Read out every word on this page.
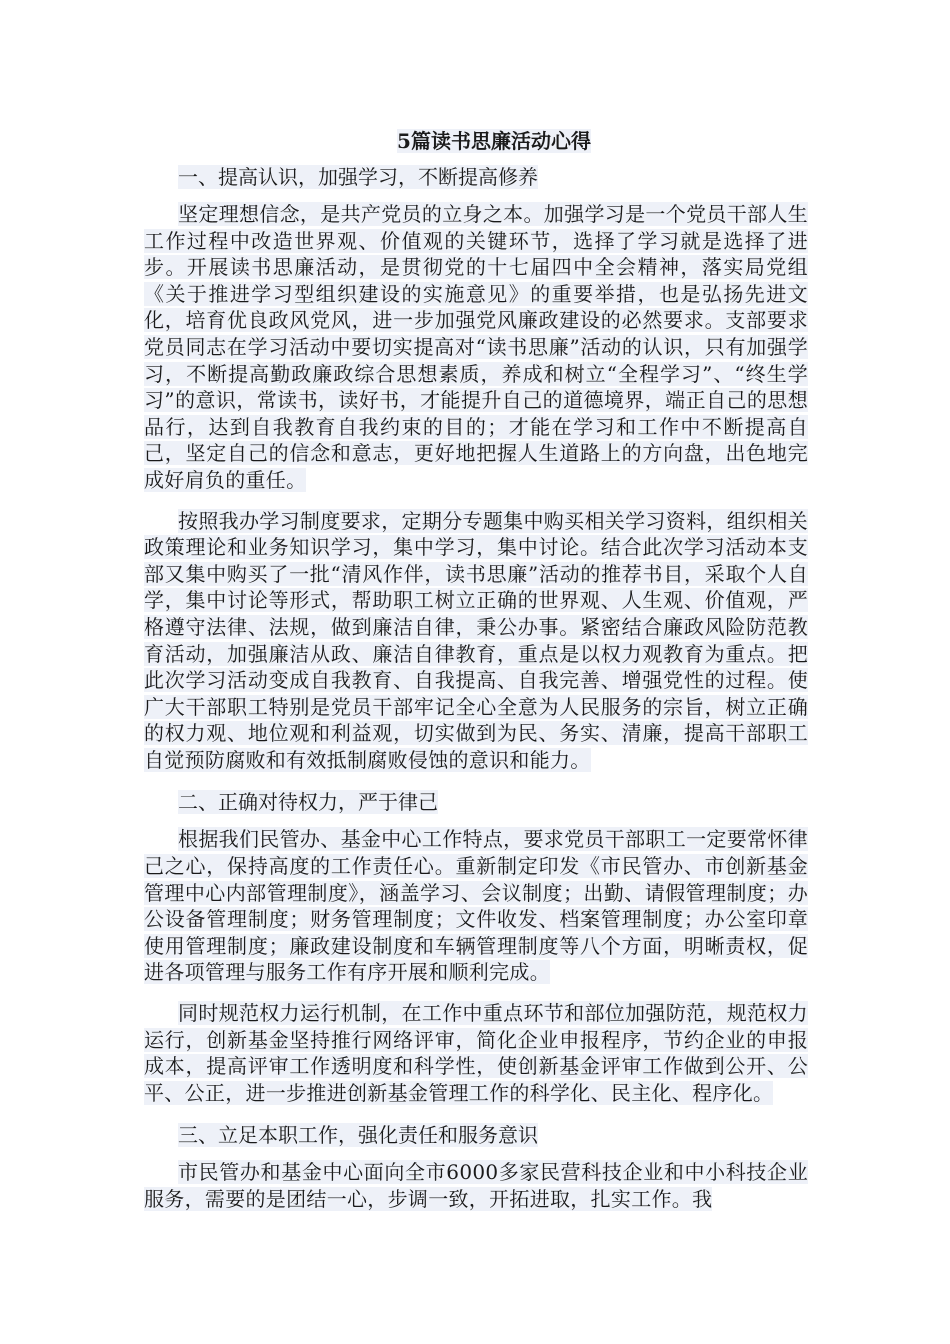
5篇读书思廉活动心得
一、提高认识，加强学习，不断提高修养
坚定理想信念，是共产党员的立身之本。加强学习是一个党员干部人生工作过程中改造世界观、价值观的关键环节，选择了学习就是选择了进步。开展读书思廉活动，是贯彻党的十七届四中全会精神，落实局党组《关于推进学习型组织建设的实施意见》的重要举措，也是弘扬先进文化，培育优良政风党风，进一步加强党风廉政建设的必然要求。支部要求党员同志在学习活动中要切实提高对“读书思廉”活动的认识，只有加强学习，不断提高勤政廉政综合思想素质，养成和树立“全程学习”、“终生学习”的意识，常读书，读好书，才能提升自己的道德境界，端正自己的思想品行，达到自我教育自我约束的目的；才能在学习和工作中不断提高自己，坚定自己的信念和意志，更好地把握人生道路上的方向盘，出色地完成好肩负的重任。
按照我办学习制度要求，定期分专题集中购买相关学习资料，组织相关政策理论和业务知识学习，集中学习，集中讨论。结合此次学习活动本支部又集中购买了一批“清风作伴，读书思廉”活动的推荐书目，采取个人自学，集中讨论等形式，帮助职工树立正确的世界观、人生观、价值观，严格遵守法律、法规，做到廉洁自律，秉公办事。紧密结合廉政风险防范教育活动，加强廉洁从政、廉洁自律教育，重点是以权力观教育为重点。把此次学习活动变成自我教育、自我提高、自我完善、增强党性的过程。使广大干部职工特别是党员干部牢记全心全意为人民服务的宗旨，树立正确的权力观、地位观和利益观，切实做到为民、务实、清廉，提高干部职工自觉预防腐败和有效抵制腐败侵蚀的意识和能力。
二、正确对待权力，严于律己
根据我们民管办、基金中心工作特点，要求党员干部职工一定要常怀律己之心，保持高度的工作责任心。重新制定印发《市民管办、市创新基金管理中心内部管理制度》，涵盖学习、会议制度；出勤、请假管理制度；办公设备管理制度；财务管理制度；文件收发、档案管理制度；办公室印章使用管理制度；廉政建设制度和车辆管理制度等八个方面，明晰责权，促进各项管理与服务工作有序开展和顺利完成。
同时规范权力运行机制，在工作中重点环节和部位加强防范，规范权力运行，创新基金坚持推行网络评审，简化企业申报程序，节约企业的申报成本，提高评审工作透明度和科学性，使创新基金评审工作做到公开、公平、公正，进一步推进创新基金管理工作的科学化、民主化、程序化。
三、立足本职工作，强化责任和服务意识
市民管办和基金中心面向全市6000多家民营科技企业和中小科技企业服务，需要的是团结一心，步调一致，开拓进取，扎实工作。我
